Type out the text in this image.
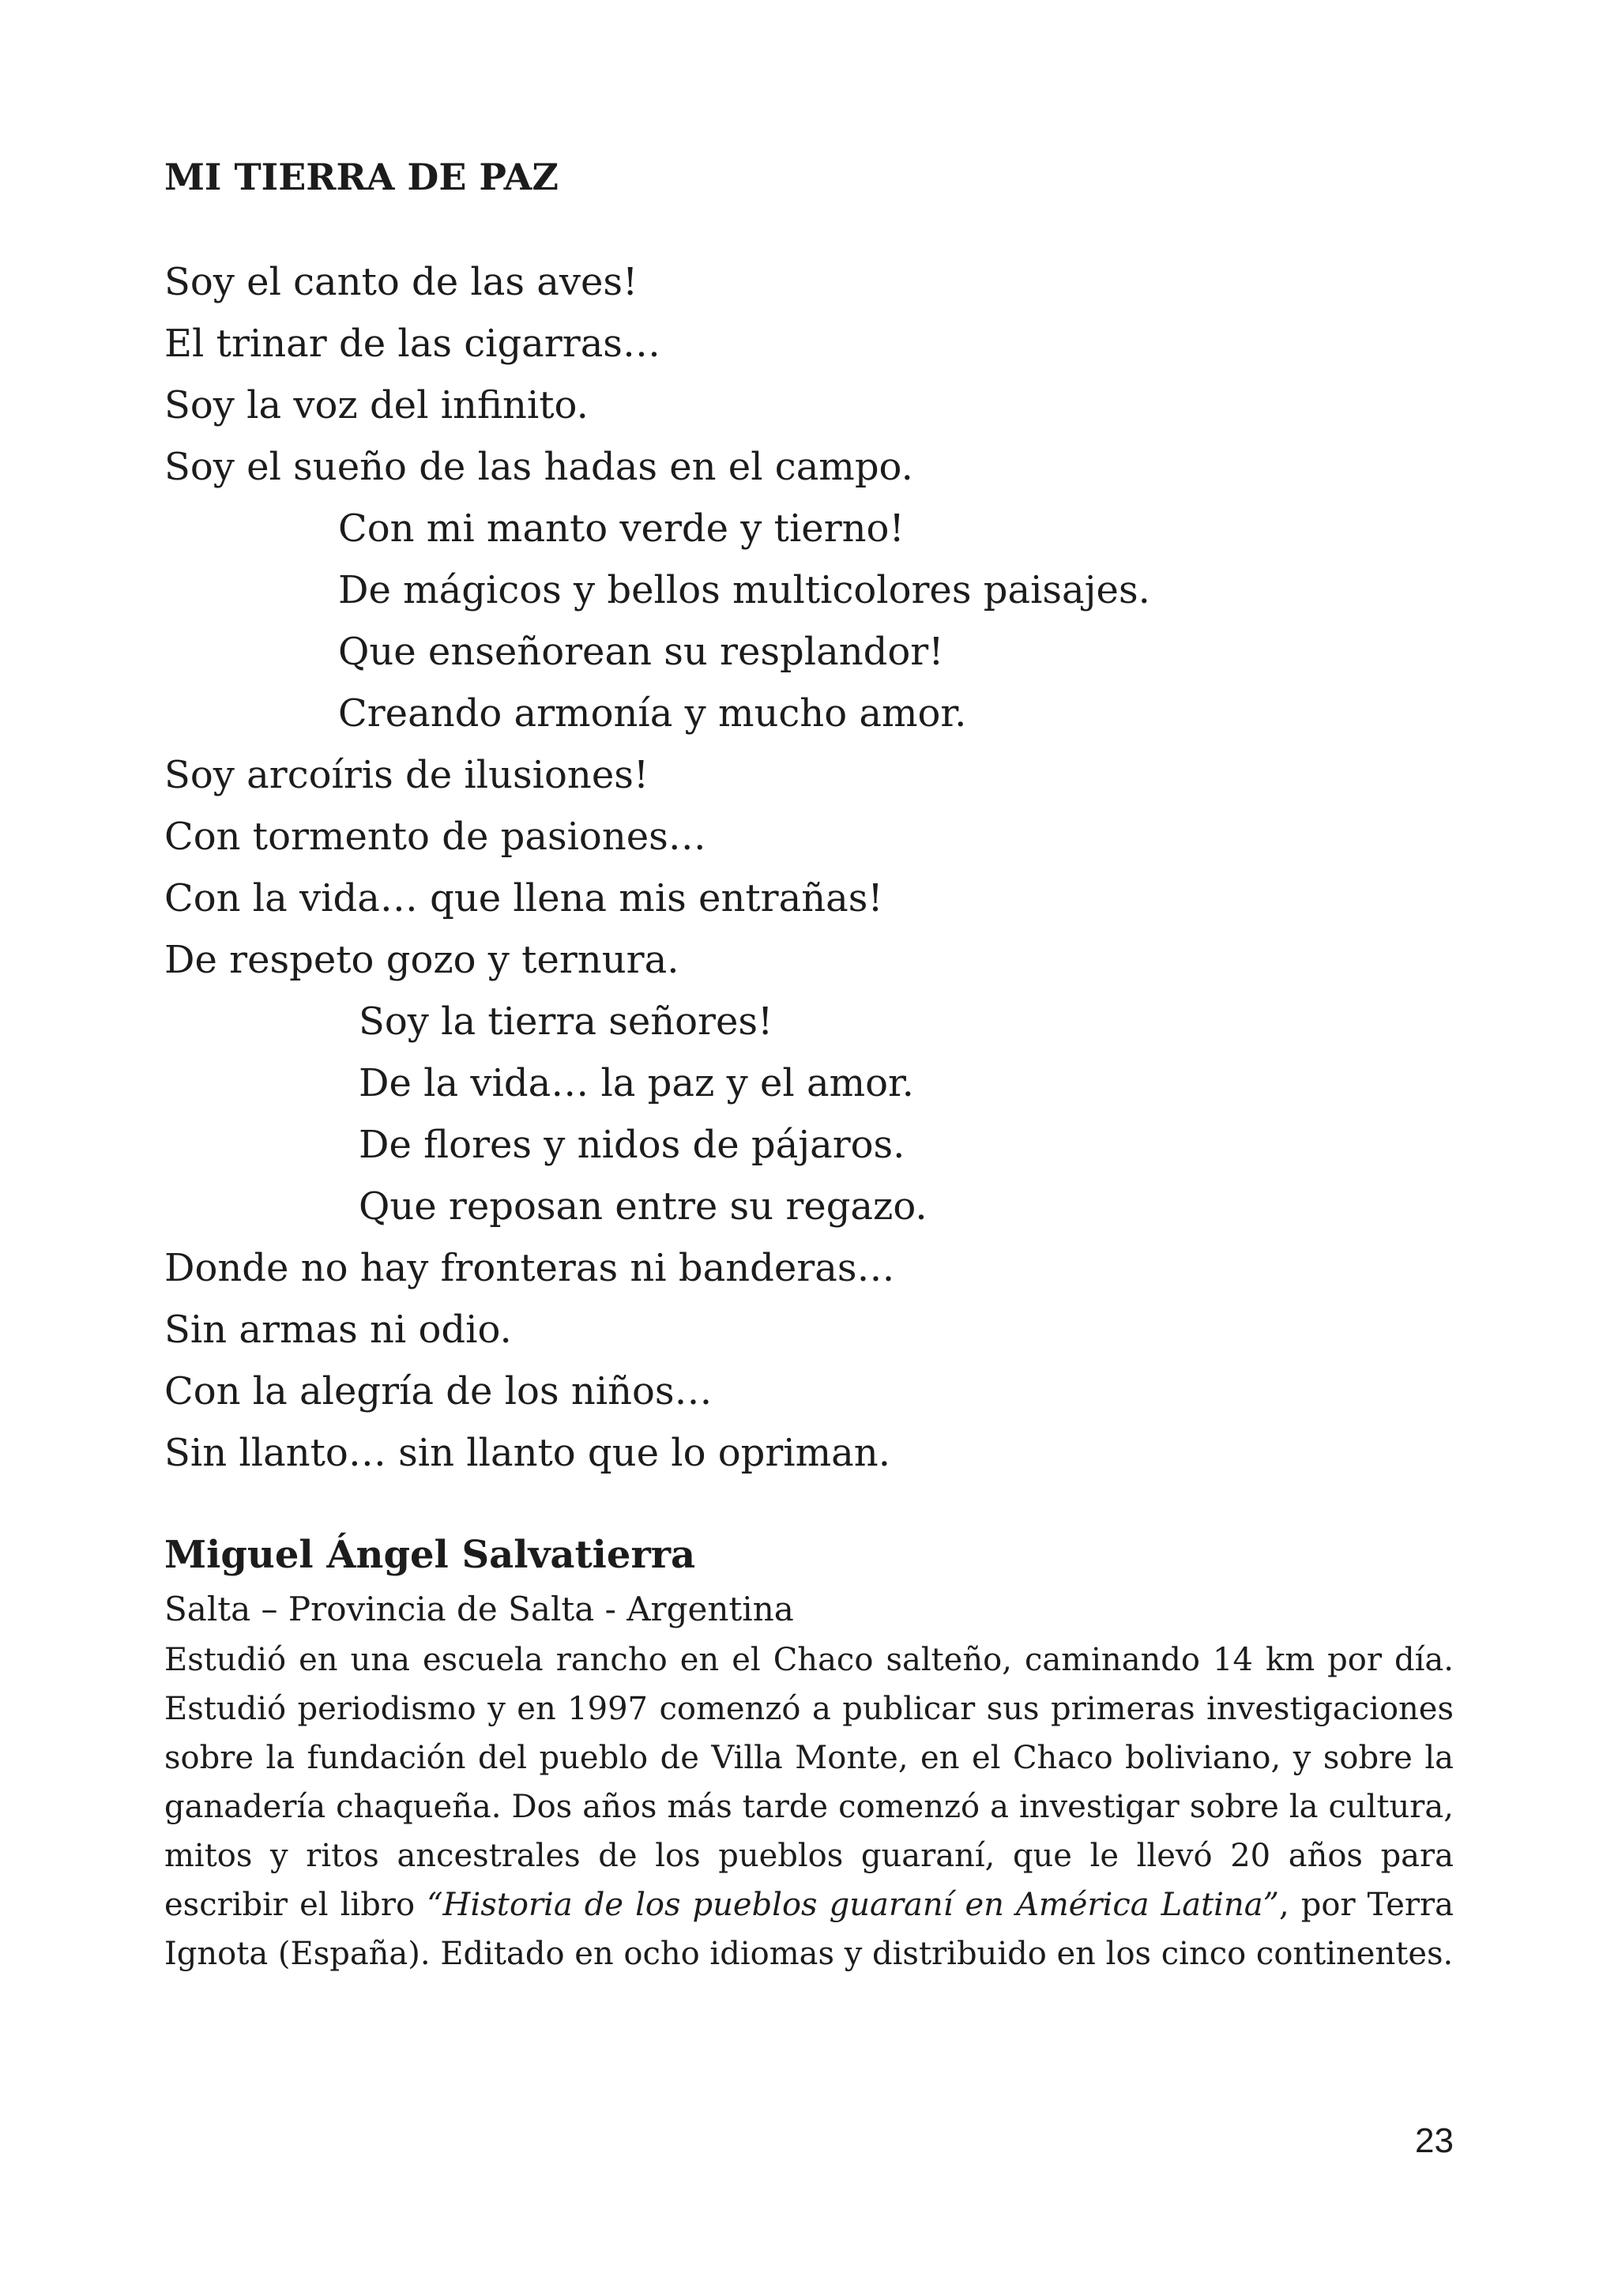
MI TIERRA DE PAZ
Soy el canto de las aves!
El trinar de las cigarras…
Soy la voz del infinito.
Soy el sueño de las hadas en el campo.
Con mi manto verde y tierno!
De mágicos y bellos multicolores paisajes.
Que enseñorean su resplandor!
Creando armonía y mucho amor.
Soy arcoíris de ilusiones!
Con tormento de pasiones…
Con la vida… que llena mis entrañas!
De respeto gozo y ternura.
Soy la tierra señores!
De la vida… la paz y el amor.
De flores y nidos de pájaros.
Que reposan entre su regazo.
Donde no hay fronteras ni banderas…
Sin armas ni odio.
Con la alegría de los niños…
Sin llanto… sin llanto que lo opriman.
Miguel Ángel Salvatierra

Salta – Provincia de Salta - Argentina

Estudió en una escuela rancho en el Chaco salteño, caminando 14 km por día. Estudió periodismo y en 1997 comenzó a publicar sus primeras investigaciones sobre la fundación del pueblo de Villa Monte, en el Chaco boliviano, y sobre la ganadería chaqueña. Dos años más tarde comenzó a investigar sobre la cultura, mitos y ritos ancestrales de los pueblos guaraní, que le llevó 20 años para escribir el libro “Historia de los pueblos guaraní en América Latina”, por Terra Ignota (España). Editado en ocho idiomas y distribuido en los cinco continentes.

23
